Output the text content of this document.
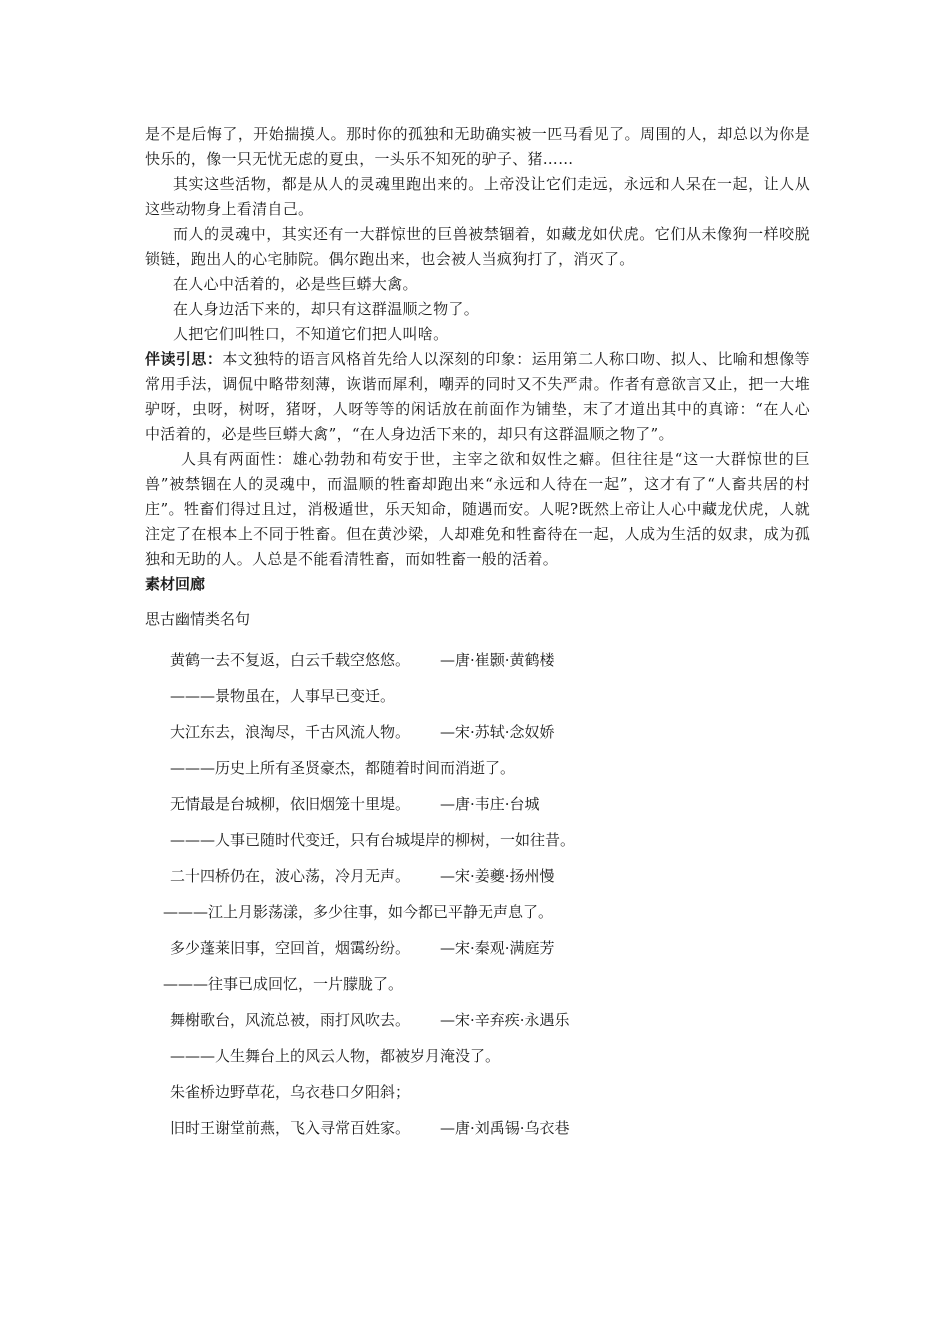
是不是后悔了，开始揣摸人。那时你的孤独和无助确实被一匹马看见了。周围的人，却总以为你是快乐的，像一只无忧无虑的夏虫，一头乐不知死的驴子、猪……

其实这些活物，都是从人的灵魂里跑出来的。上帝没让它们走远，永远和人呆在一起，让人从这些动物身上看清自己。

而人的灵魂中，其实还有一大群惊世的巨兽被禁锢着，如藏龙如伏虎。它们从未像狗一样咬脱锁链，跑出人的心宅肺院。偶尔跑出来，也会被人当疯狗打了，消灭了。

在人心中活着的，必是些巨蟒大禽。

在人身边活下来的，却只有这群温顺之物了。

人把它们叫牲口，不知道它们把人叫啥。

伴读引思：本文独特的语言风格首先给人以深刻的印象：运用第二人称口吻、拟人、比喻和想像等常用手法，调侃中略带刻薄，诙谐而犀利，嘲弄的同时又不失严肃。作者有意欲言又止，把一大堆驴呀，虫呀，树呀，猪呀，人呀等等的闲话放在前面作为铺垫，末了才道出其中的真谛：“在人心中活着的，必是些巨蟒大禽”，“在人身边活下来的，却只有这群温顺之物了”。

人具有两面性：雄心勃勃和苟安于世，主宰之欲和奴性之癖。但往往是“这一大群惊世的巨兽”被禁锢在人的灵魂中，而温顺的牲畜却跑出来“永远和人待在一起”，这才有了“人畜共居的村庄”。牲畜们得过且过，消极遁世，乐天知命，随遇而安。人呢?既然上帝让人心中藏龙伏虎，人就注定了在根本上不同于牲畜。但在黄沙梁，人却难免和牲畜待在一起，人成为生活的奴隶，成为孤独和无助的人。人总是不能看清牲畜，而如牲畜一般的活着。

素材回廊
思古幽情类名句
黄鹤一去不复返，白云千载空悠悠。 —唐·崔颢·黄鹤楼
———景物虽在，人事早已变迁。
大江东去，浪淘尽，千古风流人物。 —宋·苏轼·念奴娇
———历史上所有圣贤豪杰，都随着时间而消逝了。
无情最是台城柳，依旧烟笼十里堤。 —唐·韦庄·台城
———人事已随时代变迁，只有台城堤岸的柳树，一如往昔。
二十四桥仍在，波心荡，冷月无声。 —宋·姜夔·扬州慢
———江上月影荡漾，多少往事，如今都已平静无声息了。
多少蓬莱旧事，空回首，烟霭纷纷。 —宋·秦观·满庭芳
———往事已成回忆，一片朦胧了。
舞榭歌台，风流总被，雨打风吹去。 —宋·辛弃疾·永遇乐
———人生舞台上的风云人物，都被岁月淹没了。
朱雀桥边野草花，乌衣巷口夕阳斜；
旧时王谢堂前燕，飞入寻常百姓家。 —唐·刘禹锡·乌衣巷
